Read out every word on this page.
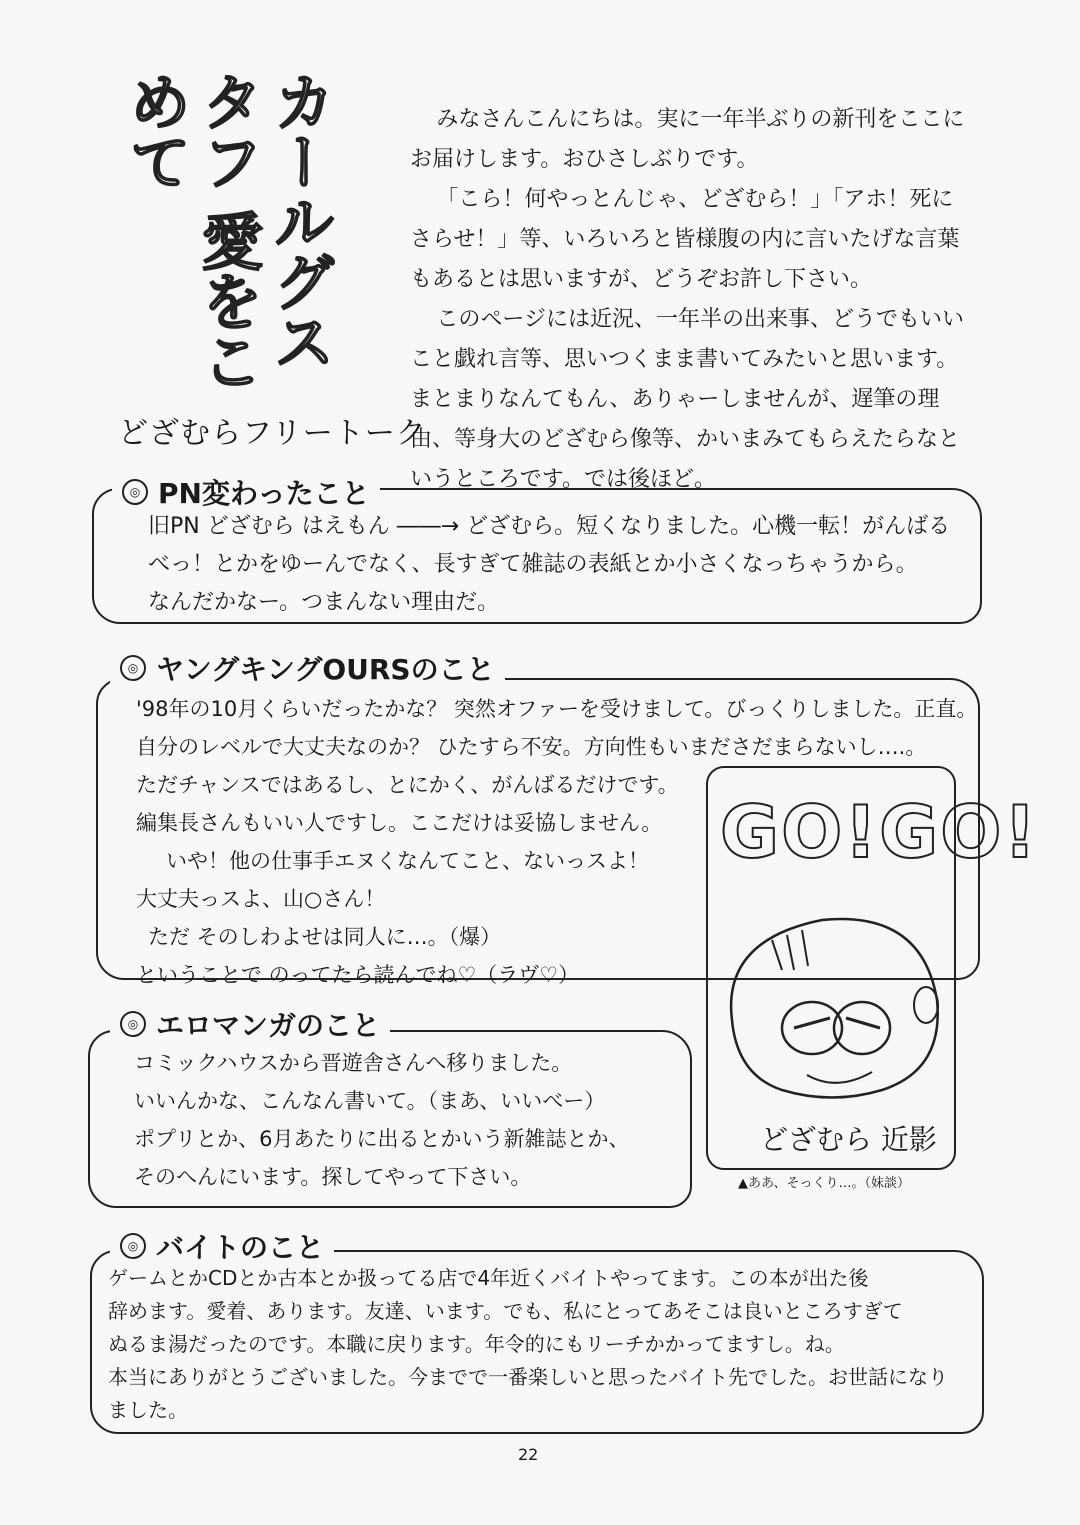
カールグスタフ 愛をこめて
どざむらフリートーク

みなさんこんにちは。実に一年半ぶりの新刊をここにお届けします。おひさしぶりです。

「こら！何やっとんじゃ、どざむら！」「アホ！死にさらせ！」等、いろいろと皆様腹の内に言いたげな言葉もあるとは思いますが、どうぞお許し下さい。

このページには近況、一年半の出来事、どうでもいいこと戯れ言等、思いつくまま書いてみたいと思います。まとまりなんてもん、ありゃーしませんが、遅筆の理由、等身大のどざむら像等、かいまみてもらえたらなというところです。では後ほど。

◎ PN変わったこと

旧PN どざむら はえもん ――→ どざむら。短くなりました。心機一転！がんばる

べっ！とかをゆーんでなく、長すぎて雑誌の表紙とか小さくなっちゃうから。

なんだかなー。つまんない理由だ。

◎ ヤングキングOURSのこと

'98年の10月くらいだったかな？ 突然オファーを受けまして。びっくりしました。正直。

自分のレベルで大丈夫なのか？ ひたすら不安。方向性もいまださだまらないし….。

ただチャンスではあるし、とにかく、がんばるだけです。

編集長さんもいい人ですし。ここだけは妥協しません。

いや！他の仕事手エヌくなんてこと、ないっスよ！

大丈夫っスよ、山○さん！

ただ そのしわよせは同人に…。（爆）

ということで のってたら読んでね♡（ラヴ♡）

◎ エロマンガのこと

コミックハウスから晋遊舎さんへ移りました。

いいんかな、こんなん書いて。（まあ、いいべー）

ポプリとか、6月あたりに出るとかいう新雑誌とか、

そのへんにいます。探してやって下さい。

GO!GO!
どざむら 近影
▲ああ、そっくり…。（妹談）
◎ バイトのこと

ゲームとかCDとか古本とか扱ってる店で4年近くバイトやってます。この本が出た後

辞めます。愛着、あります。友達、います。でも、私にとってあそこは良いところすぎて

ぬるま湯だったのです。本職に戻ります。年令的にもリーチかかってますし。ね。

本当にありがとうございました。今までで一番楽しいと思ったバイト先でした。お世話になり

ました。

22
